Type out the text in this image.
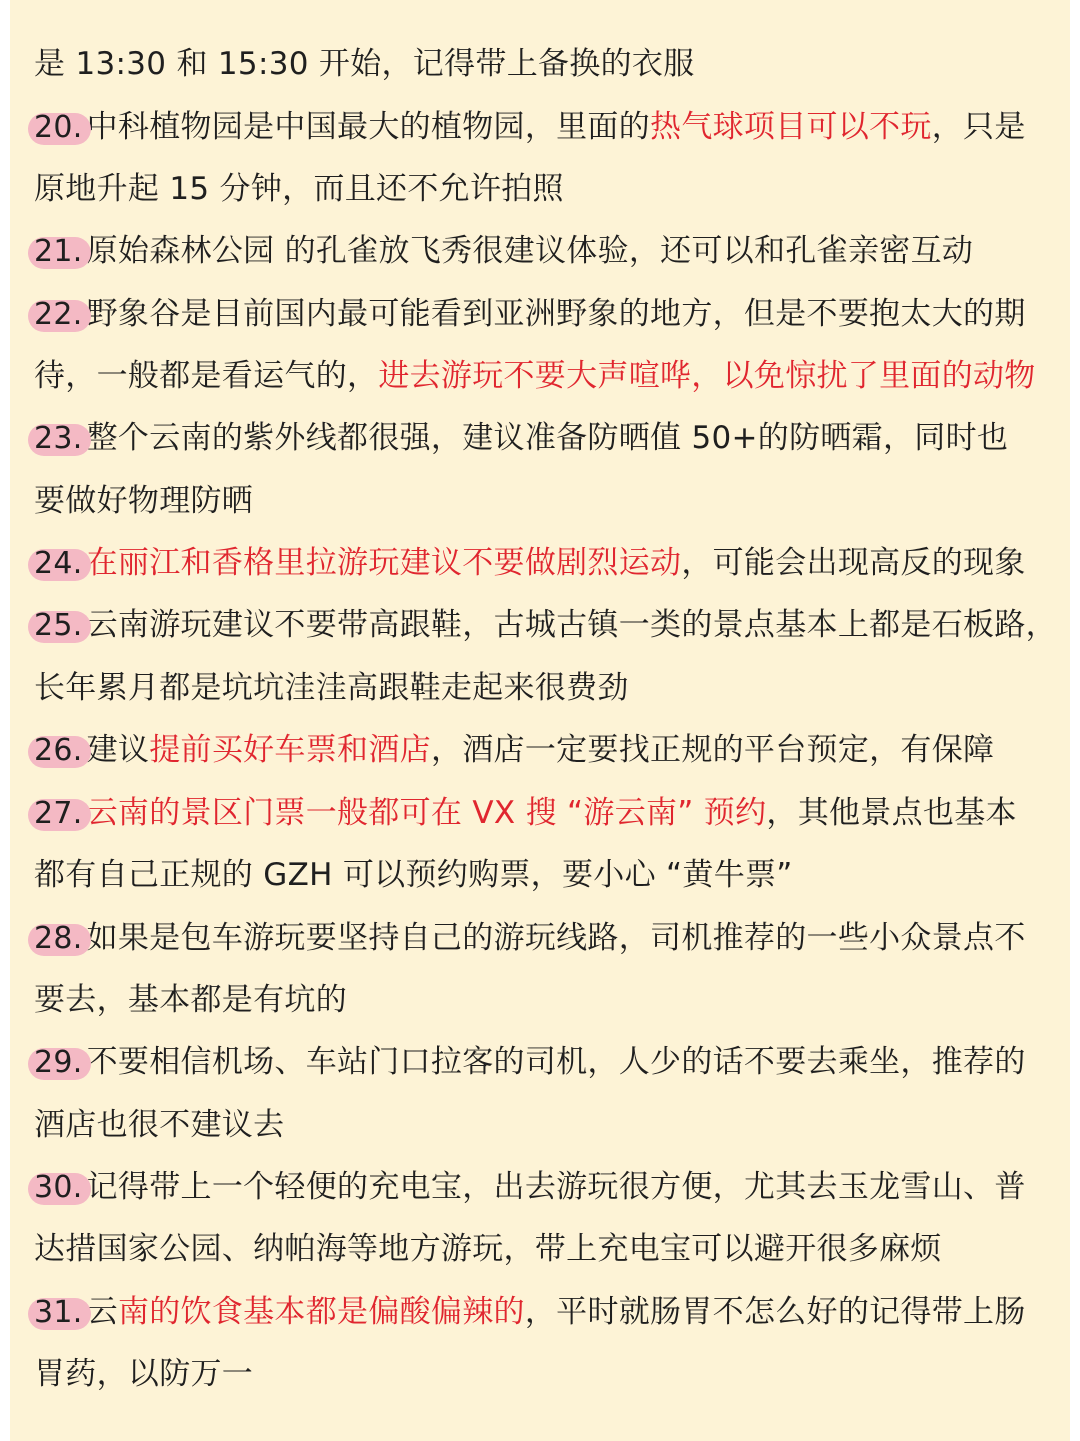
是 13:30 和 15:30 开始，记得带上备换的衣服
20. 中科植物园是中国最大的植物园，里面的热气球项目可以不玩，只是
原地升起 15 分钟，而且还不允许拍照
21. 原始森林公园 的孔雀放飞秀很建议体验，还可以和孔雀亲密互动
22. 野象谷是目前国内最可能看到亚洲野象的地方，但是不要抱太大的期
待，一般都是看运气的，进去游玩不要大声喧哗，以免惊扰了里面的动物
23. 整个云南的紫外线都很强，建议准备防晒值 50+的防晒霜，同时也
要做好物理防晒
24. 在丽江和香格里拉游玩建议不要做剧烈运动，可能会出现高反的现象
25. 云南游玩建议不要带高跟鞋，古城古镇一类的景点基本上都是石板路，
长年累月都是坑坑洼洼高跟鞋走起来很费劲
26. 建议提前买好车票和酒店，酒店一定要找正规的平台预定，有保障
27. 云南的景区门票一般都可在 VX 搜 “游云南” 预约，其他景点也基本
都有自己正规的 GZH 可以预约购票，要小心 “黄牛票”
28. 如果是包车游玩要坚持自己的游玩线路，司机推荐的一些小众景点不
要去，基本都是有坑的
29. 不要相信机场、车站门口拉客的司机，人少的话不要去乘坐，推荐的
酒店也很不建议去
30. 记得带上一个轻便的充电宝，出去游玩很方便，尤其去玉龙雪山、普
达措国家公园、纳帕海等地方游玩，带上充电宝可以避开很多麻烦
31. 云南的饮食基本都是偏酸偏辣的，平时就肠胃不怎么好的记得带上肠
胃药，以防万一
